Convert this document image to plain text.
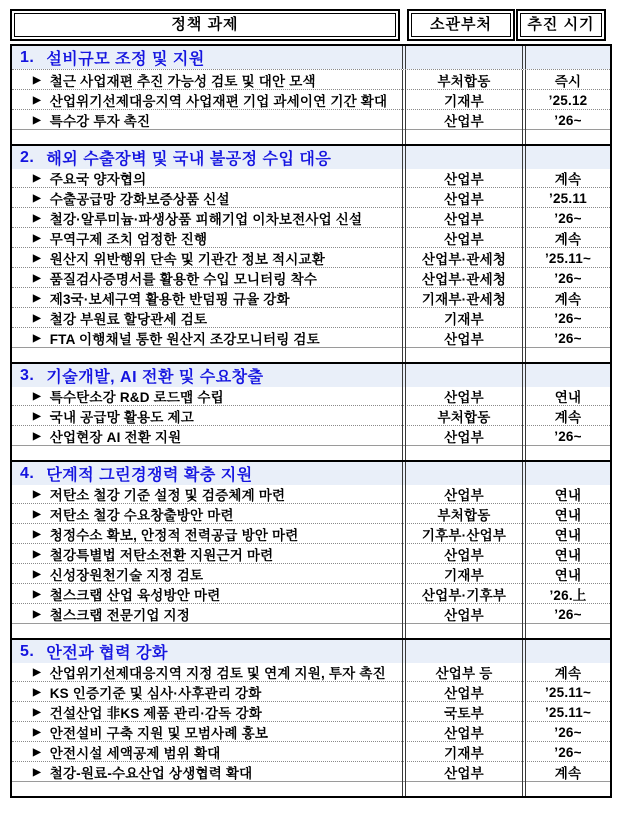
정책 과제	소관부처	추진 시기
1. 설비규모 조정 및 지원
▶ 철근 사업재편 추진 가능성 검토 및 대안 모색	부처합동	즉시
▶ 산업위기선제대응지역 사업재편 기업 과세이연 기간 확대	기재부	’25.12
▶ 특수강 투자 촉진	산업부	’26~
2. 해외 수출장벽 및 국내 불공정 수입 대응
▶ 주요국 양자협의	산업부	계속
▶ 수출공급망 강화보증상품 신설	산업부	’25.11
▶ 철강·알루미늄·파생상품 피해기업 이차보전사업 신설	산업부	’26~
▶ 무역구제 조치 엄정한 진행	산업부	계속
▶ 원산지 위반행위 단속 및 기관간 정보 적시교환	산업부·관세청	’25.11~
▶ 품질검사증명서를 활용한 수입 모니터링 착수	산업부·관세청	’26~
▶ 제3국·보세구역 활용한 반덤핑 규율 강화	기재부·관세청	계속
▶ 철강 부원료 할당관세 검토	기재부	’26~
▶ FTA 이행채널 통한 원산지 조강모니터링 검토	산업부	’26~
3. 기술개발, AI 전환 및 수요창출
▶ 특수탄소강 R&D 로드맵 수립	산업부	연내
▶ 국내 공급망 활용도 제고	부처합동	계속
▶ 산업현장 AI 전환 지원	산업부	’26~
4. 단계적 그린경쟁력 확충 지원
▶ 저탄소 철강 기준 설정 및 검증체계 마련	산업부	연내
▶ 저탄소 철강 수요창출방안 마련	부처합동	연내
▶ 청정수소 확보, 안정적 전력공급 방안 마련	기후부·산업부	연내
▶ 철강특별법 저탄소전환 지원근거 마련	산업부	연내
▶ 신성장원천기술 지정 검토	기재부	연내
▶ 철스크랩 산업 육성방안 마련	산업부·기후부	’26.上
▶ 철스크랩 전문기업 지정	산업부	’26~
5. 안전과 협력 강화
▶ 산업위기선제대응지역 지정 검토 및 연계 지원, 투자 촉진	산업부 등	계속
▶ KS 인증기준 및 심사·사후관리 강화	산업부	’25.11~
▶ 건설산업 非KS 제품 관리·감독 강화	국토부	’25.11~
▶ 안전설비 구축 지원 및 모범사례 홍보	산업부	’26~
▶ 안전시설 세액공제 범위 확대	기재부	’26~
▶ 철강-원료-수요산업 상생협력 확대	산업부	계속
